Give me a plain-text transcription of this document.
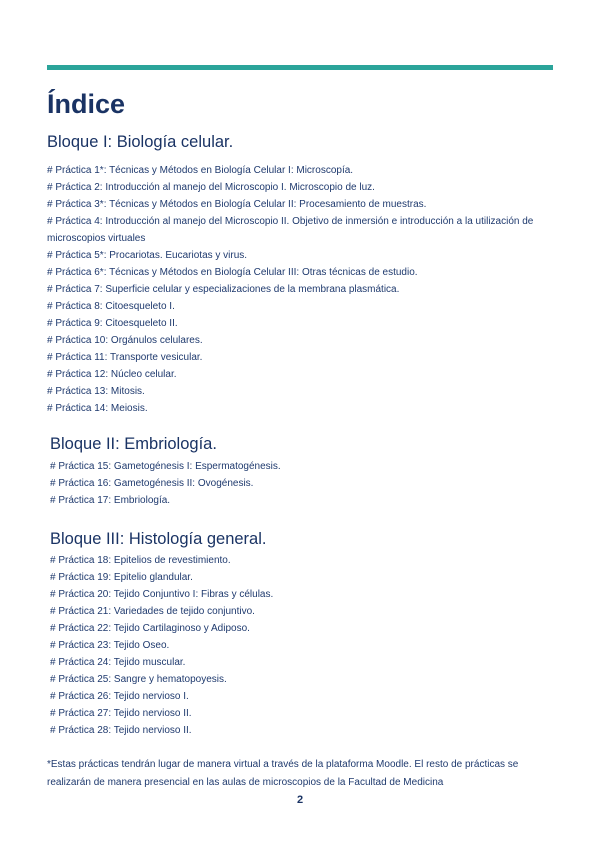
Índice
Bloque I: Biología celular.
# Práctica 1*: Técnicas y Métodos en Biología Celular I: Microscopía.
# Práctica 2: Introducción al manejo del Microscopio I. Microscopio de luz.
# Práctica 3*: Técnicas y Métodos en Biología Celular II: Procesamiento de muestras.
# Práctica 4: Introducción al manejo del Microscopio II. Objetivo de inmersión e introducción a la utilización de microscopios virtuales
# Práctica 5*: Procariotas. Eucariotas y virus.
# Práctica 6*: Técnicas y Métodos en Biología Celular III: Otras técnicas de estudio.
# Práctica 7: Superficie celular y especializaciones de la membrana plasmática.
# Práctica 8: Citoesqueleto I.
# Práctica 9: Citoesqueleto II.
# Práctica 10: Orgánulos celulares.
# Práctica 11: Transporte vesicular.
# Práctica 12: Núcleo celular.
# Práctica 13: Mitosis.
# Práctica 14: Meiosis.
Bloque II: Embriología.
# Práctica 15: Gametogénesis I: Espermatogénesis.
# Práctica 16: Gametogénesis II: Ovogénesis.
# Práctica 17: Embriología.
Bloque III: Histología general.
# Práctica 18: Epitelios de revestimiento.
# Práctica 19: Epitelio glandular.
# Práctica 20: Tejido Conjuntivo I: Fibras y células.
# Práctica 21: Variedades de tejido conjuntivo.
# Práctica 22: Tejido Cartilaginoso y Adiposo.
# Práctica 23: Tejido Oseo.
# Práctica 24: Tejido muscular.
# Práctica 25: Sangre y hematopoyesis.
# Práctica 26: Tejido nervioso I.
# Práctica 27: Tejido nervioso II.
# Práctica 28: Tejido nervioso II.

*Estas prácticas tendrán lugar de manera virtual a través de la plataforma Moodle. El resto de prácticas se realizarán de manera presencial en las aulas de microscopios de la Facultad de Medicina

2
